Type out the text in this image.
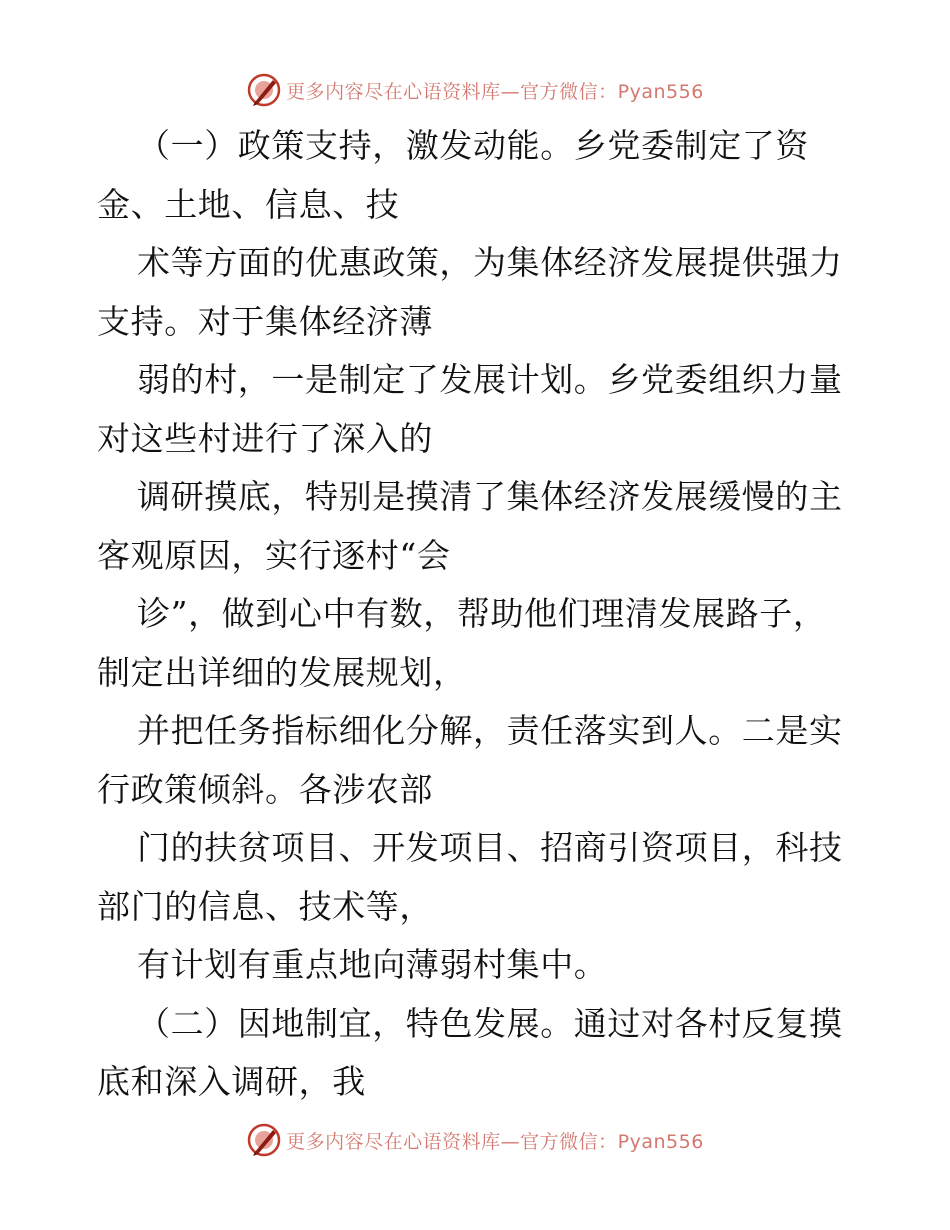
更多内容尽在心语资料库—官方微信：Pyan556
（一）政策支持，激发动能。乡党委制定了资
金、土地、信息、技
术等方面的优惠政策，为集体经济发展提供强力
支持。对于集体经济薄
弱的村，一是制定了发展计划。乡党委组织力量
对这些村进行了深入的
调研摸底，特别是摸清了集体经济发展缓慢的主
客观原因，实行逐村“会
诊”，做到心中有数，帮助他们理清发展路子，
制定出详细的发展规划，
并把任务指标细化分解，责任落实到人。二是实
行政策倾斜。各涉农部
门的扶贫项目、开发项目、招商引资项目，科技
部门的信息、技术等，
有计划有重点地向薄弱村集中。
（二）因地制宜，特色发展。通过对各村反复摸
底和深入调研，我
更多内容尽在心语资料库—官方微信：Pyan556
